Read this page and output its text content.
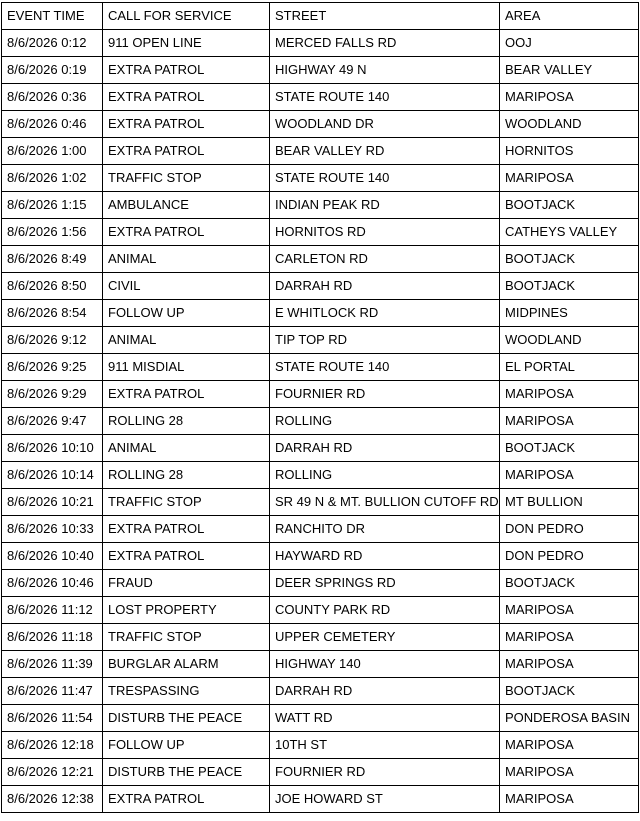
EVENT TIME	CALL FOR SERVICE	STREET	AREA
8/6/2026 0:12	911 OPEN LINE	MERCED FALLS RD	OOJ
8/6/2026 0:19	EXTRA PATROL	HIGHWAY 49 N	BEAR VALLEY
8/6/2026 0:36	EXTRA PATROL	STATE ROUTE 140	MARIPOSA
8/6/2026 0:46	EXTRA PATROL	WOODLAND DR	WOODLAND
8/6/2026 1:00	EXTRA PATROL	BEAR VALLEY RD	HORNITOS
8/6/2026 1:02	TRAFFIC STOP	STATE ROUTE 140	MARIPOSA
8/6/2026 1:15	AMBULANCE	INDIAN PEAK RD	BOOTJACK
8/6/2026 1:56	EXTRA PATROL	HORNITOS RD	CATHEYS VALLEY
8/6/2026 8:49	ANIMAL	CARLETON RD	BOOTJACK
8/6/2026 8:50	CIVIL	DARRAH RD	BOOTJACK
8/6/2026 8:54	FOLLOW UP	E WHITLOCK RD	MIDPINES
8/6/2026 9:12	ANIMAL	TIP TOP RD	WOODLAND
8/6/2026 9:25	911 MISDIAL	STATE ROUTE 140	EL PORTAL
8/6/2026 9:29	EXTRA PATROL	FOURNIER RD	MARIPOSA
8/6/2026 9:47	ROLLING 28	ROLLING	MARIPOSA
8/6/2026 10:10	ANIMAL	DARRAH RD	BOOTJACK
8/6/2026 10:14	ROLLING 28	ROLLING	MARIPOSA
8/6/2026 10:21	TRAFFIC STOP	SR 49 N & MT. BULLION CUTOFF RD	MT BULLION
8/6/2026 10:33	EXTRA PATROL	RANCHITO DR	DON PEDRO
8/6/2026 10:40	EXTRA PATROL	HAYWARD RD	DON PEDRO
8/6/2026 10:46	FRAUD	DEER SPRINGS RD	BOOTJACK
8/6/2026 11:12	LOST PROPERTY	COUNTY PARK RD	MARIPOSA
8/6/2026 11:18	TRAFFIC STOP	UPPER CEMETERY	MARIPOSA
8/6/2026 11:39	BURGLAR ALARM	HIGHWAY 140	MARIPOSA
8/6/2026 11:47	TRESPASSING	DARRAH RD	BOOTJACK
8/6/2026 11:54	DISTURB THE PEACE	WATT RD	PONDEROSA BASIN
8/6/2026 12:18	FOLLOW UP	10TH ST	MARIPOSA
8/6/2026 12:21	DISTURB THE PEACE	FOURNIER RD	MARIPOSA
8/6/2026 12:38	EXTRA PATROL	JOE HOWARD ST	MARIPOSA
